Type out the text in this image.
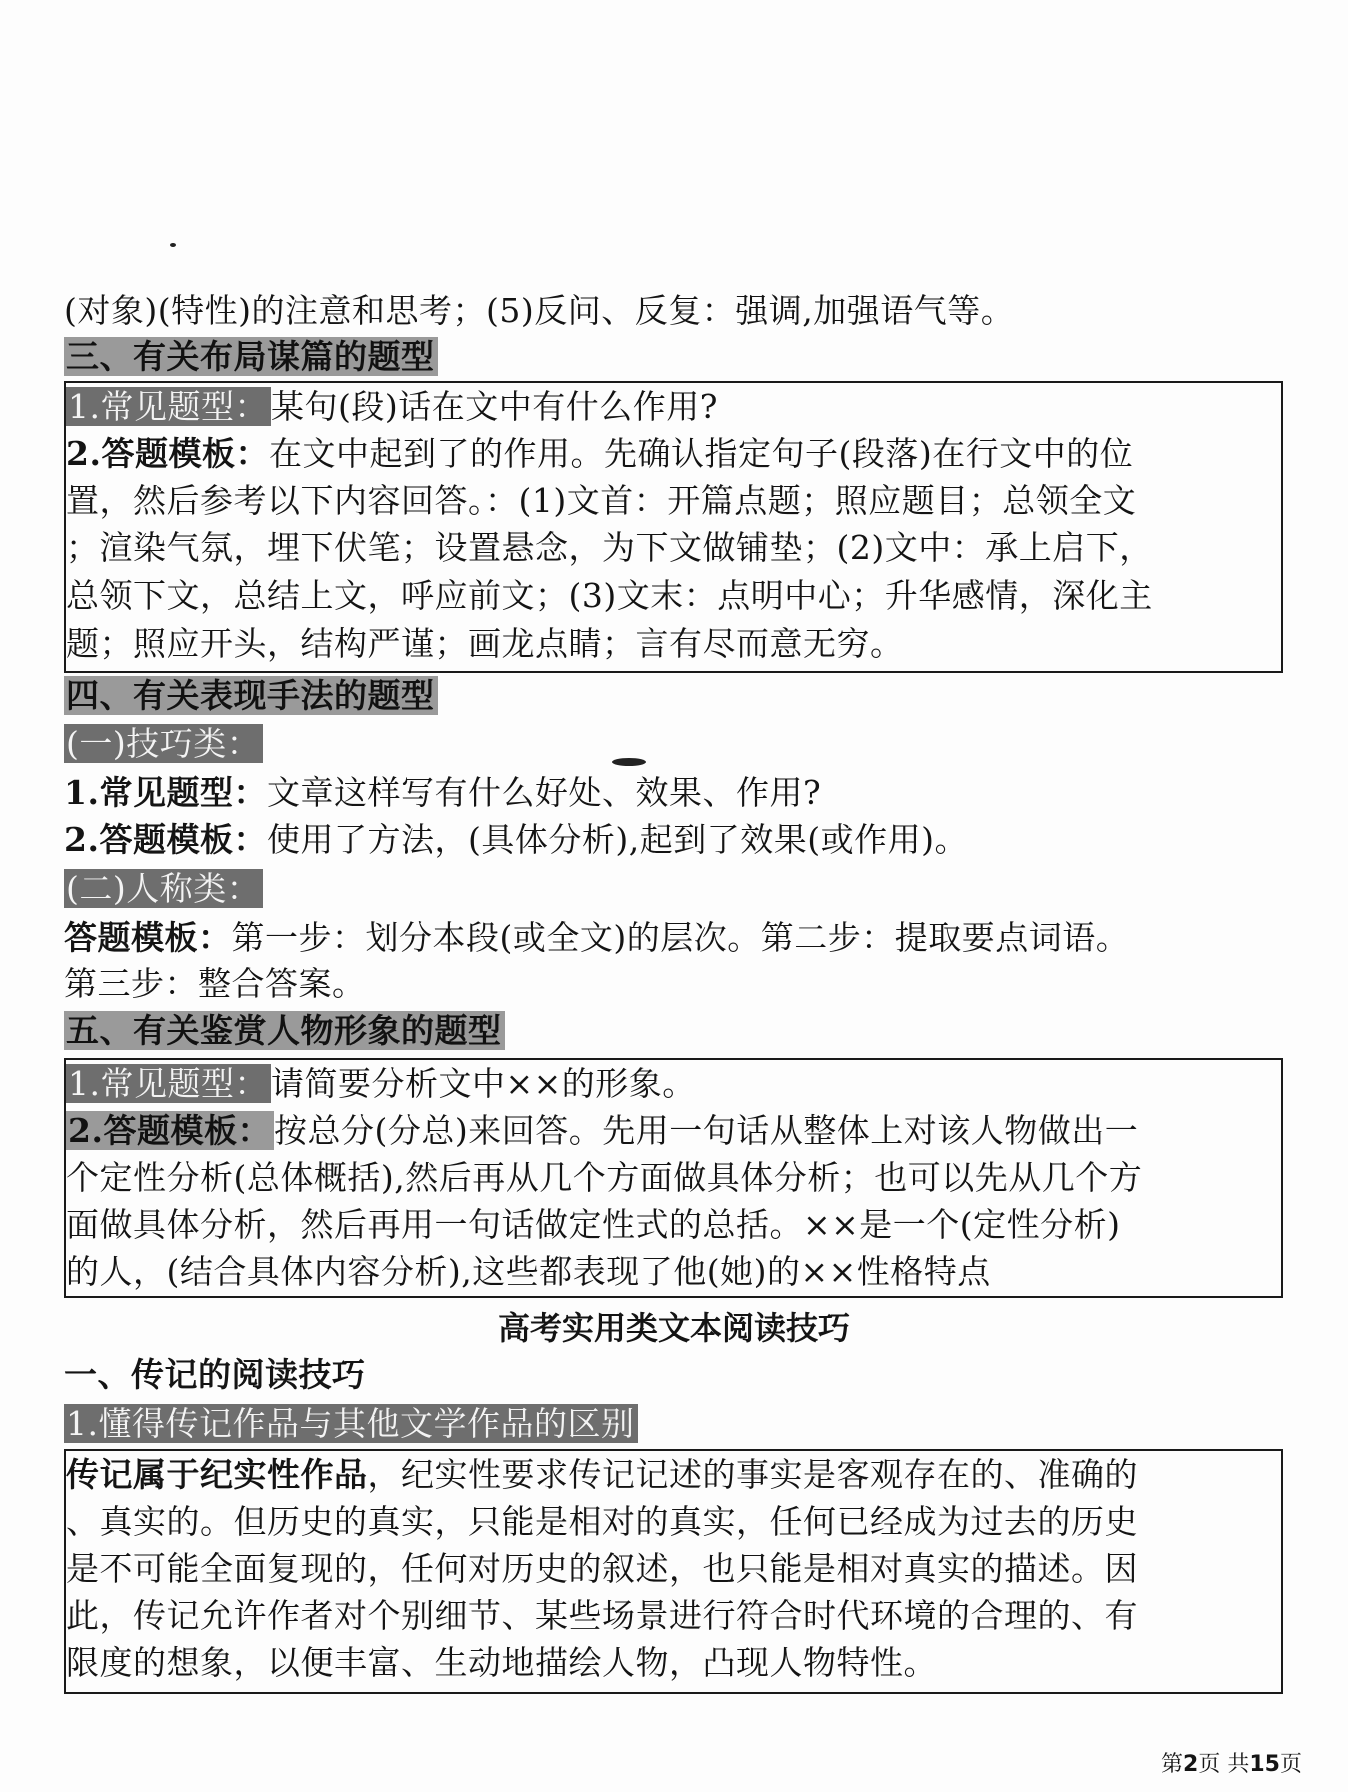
(对象)(特性)的注意和思考；(5)反问、反复：强调,加强语气等。
三、有关布局谋篇的题型
1.常见题型：某句(段)话在文中有什么作用?
2.答题模板：在文中起到了的作用。先确认指定句子(段落)在行文中的位
置，然后参考以下内容回答。：(1)文首：开篇点题；照应题目；总领全文
；渲染气氛，埋下伏笔；设置悬念，为下文做铺垫；(2)文中：承上启下，
总领下文，总结上文，呼应前文；(3)文末：点明中心；升华感情，深化主
题；照应开头，结构严谨；画龙点睛；言有尽而意无穷。
四、有关表现手法的题型
(一)技巧类：
1.常见题型：文章这样写有什么好处、效果、作用?
2.答题模板：使用了方法，(具体分析),起到了效果(或作用)。
(二)人称类：
答题模板：第一步：划分本段(或全文)的层次。第二步：提取要点词语。
第三步：整合答案。
五、有关鉴赏人物形象的题型
1.常见题型：请简要分析文中××的形象。
2.答题模板：按总分(分总)来回答。先用一句话从整体上对该人物做出一
个定性分析(总体概括),然后再从几个方面做具体分析；也可以先从几个方
面做具体分析，然后再用一句话做定性式的总括。××是一个(定性分析)
的人，(结合具体内容分析),这些都表现了他(她)的××性格特点
高考实用类文本阅读技巧
一、传记的阅读技巧
1.懂得传记作品与其他文学作品的区别
传记属于纪实性作品，纪实性要求传记记述的事实是客观存在的、准确的
、真实的。但历史的真实，只能是相对的真实，任何已经成为过去的历史
是不可能全面复现的，任何对历史的叙述，也只能是相对真实的描述。因
此，传记允许作者对个别细节、某些场景进行符合时代环境的合理的、有
限度的想象，以便丰富、生动地描绘人物，凸现人物特性。
第2页 共15页
